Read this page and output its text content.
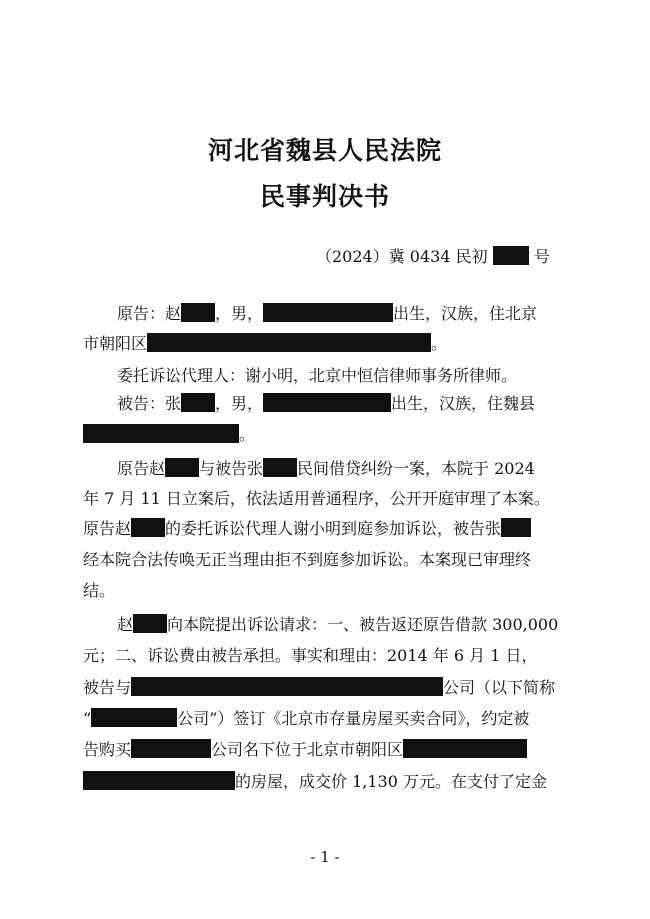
河北省魏县人民法院
民事判决书
（2024）冀 0434 民初	号
原告：赵 ，男，	出生，汉族，住北京
市朝阳区	。
委托诉讼代理人：谢小明，北京中恒信律师事务所律师。
被告：张 ，男，	出生，汉族，住魏县
。
原告赵 与被告张 民间借贷纠纷一案，本院于 2024
年 7 月 11 日立案后，依法适用普通程序，公开开庭审理了本案。
原告赵 的委托诉讼代理人谢小明到庭参加诉讼，被告张
经本院合法传唤无正当理由拒不到庭参加诉讼。本案现已审理终
结。
赵 向本院提出诉讼请求：一、被告返还原告借款 300,000
元；二、诉讼费由被告承担。事实和理由：2014 年 6 月 1 日，
被告与	公司（以下简称
“	公司”）签订《北京市存量房屋买卖合同》，约定被
告购买	公司名下位于北京市朝阳区
的房屋，成交价 1,130 万元。在支付了定金
- 1 -
